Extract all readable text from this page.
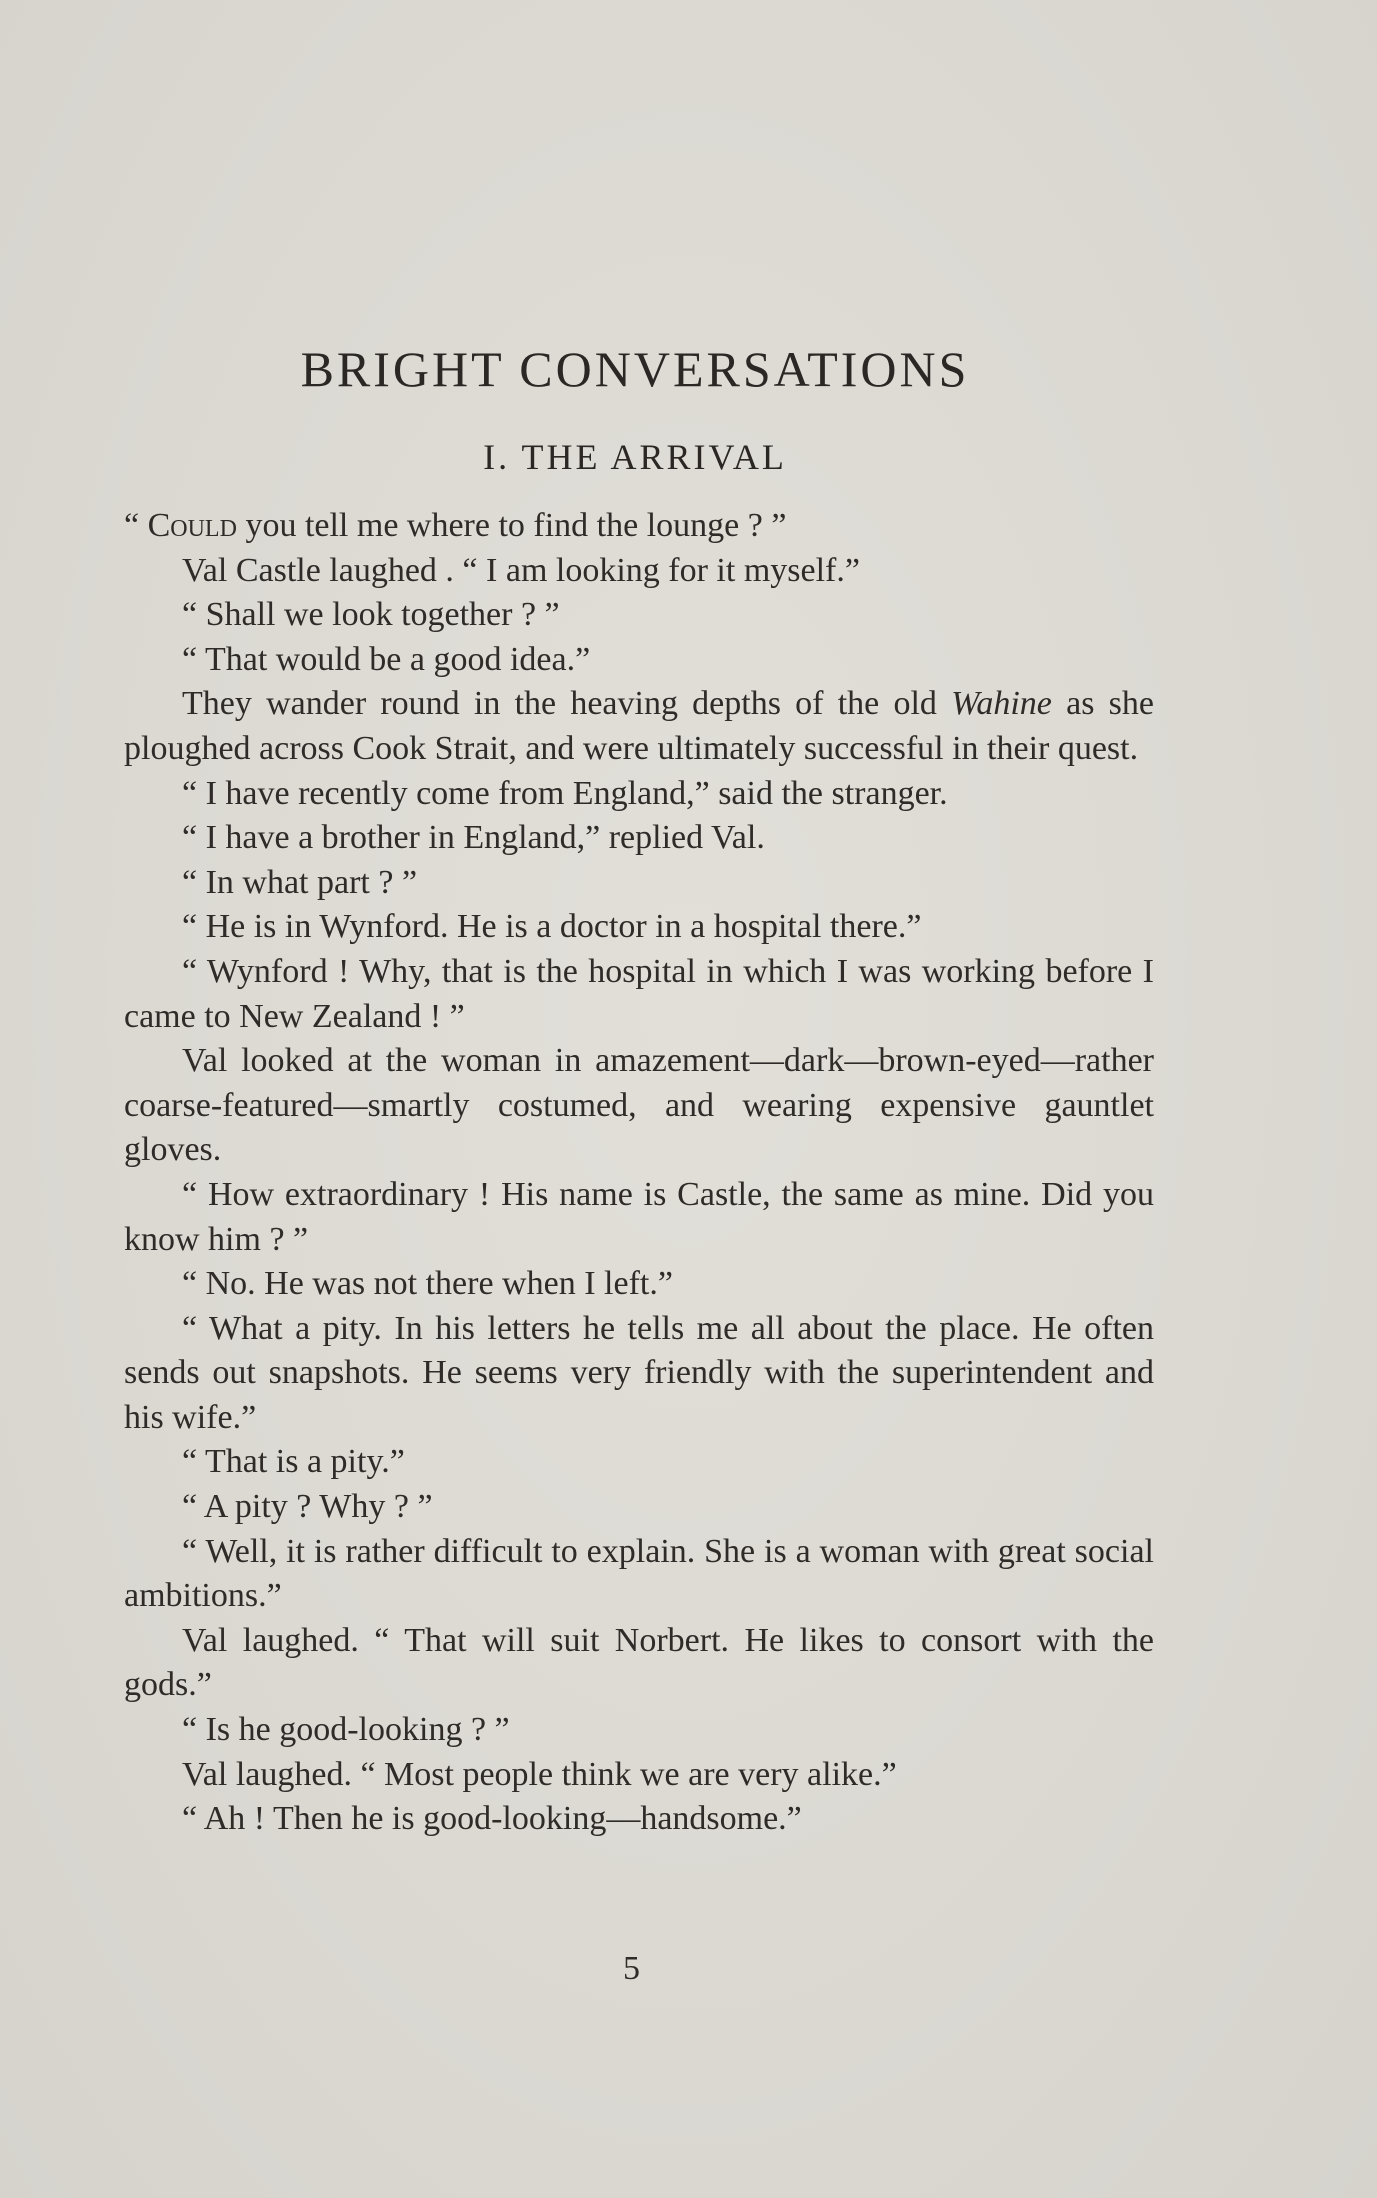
BRIGHT CONVERSATIONS
I. THE ARRIVAL

“ Could you tell me where to find the lounge ? ”

Val Castle laughed . “ I am looking for it myself.”

“ Shall we look together ? ”

“ That would be a good idea.”

They wander round in the heaving depths of the old Wahine as she ploughed across Cook Strait, and were ultimately successful in their quest.

“ I have recently come from England,” said the stranger.

“ I have a brother in England,” replied Val.

“ In what part ? ”

“ He is in Wynford. He is a doctor in a hospital there.”

“ Wynford ! Why, that is the hospital in which I was working before I came to New Zealand ! ”

Val looked at the woman in amazement—dark—brown-eyed—rather coarse-featured—smartly costumed, and wearing expensive gauntlet gloves.

“ How extraordinary ! His name is Castle, the same as mine. Did you know him ? ”

“ No. He was not there when I left.”

“ What a pity. In his letters he tells me all about the place. He often sends out snapshots. He seems very friendly with the superintendent and his wife.”

“ That is a pity.”

“ A pity ? Why ? ”

“ Well, it is rather difficult to explain. She is a woman with great social ambitions.”

Val laughed. “ That will suit Norbert. He likes to consort with the gods.”

“ Is he good-looking ? ”

Val laughed. “ Most people think we are very alike.”

“ Ah ! Then he is good-looking—handsome.”

5
